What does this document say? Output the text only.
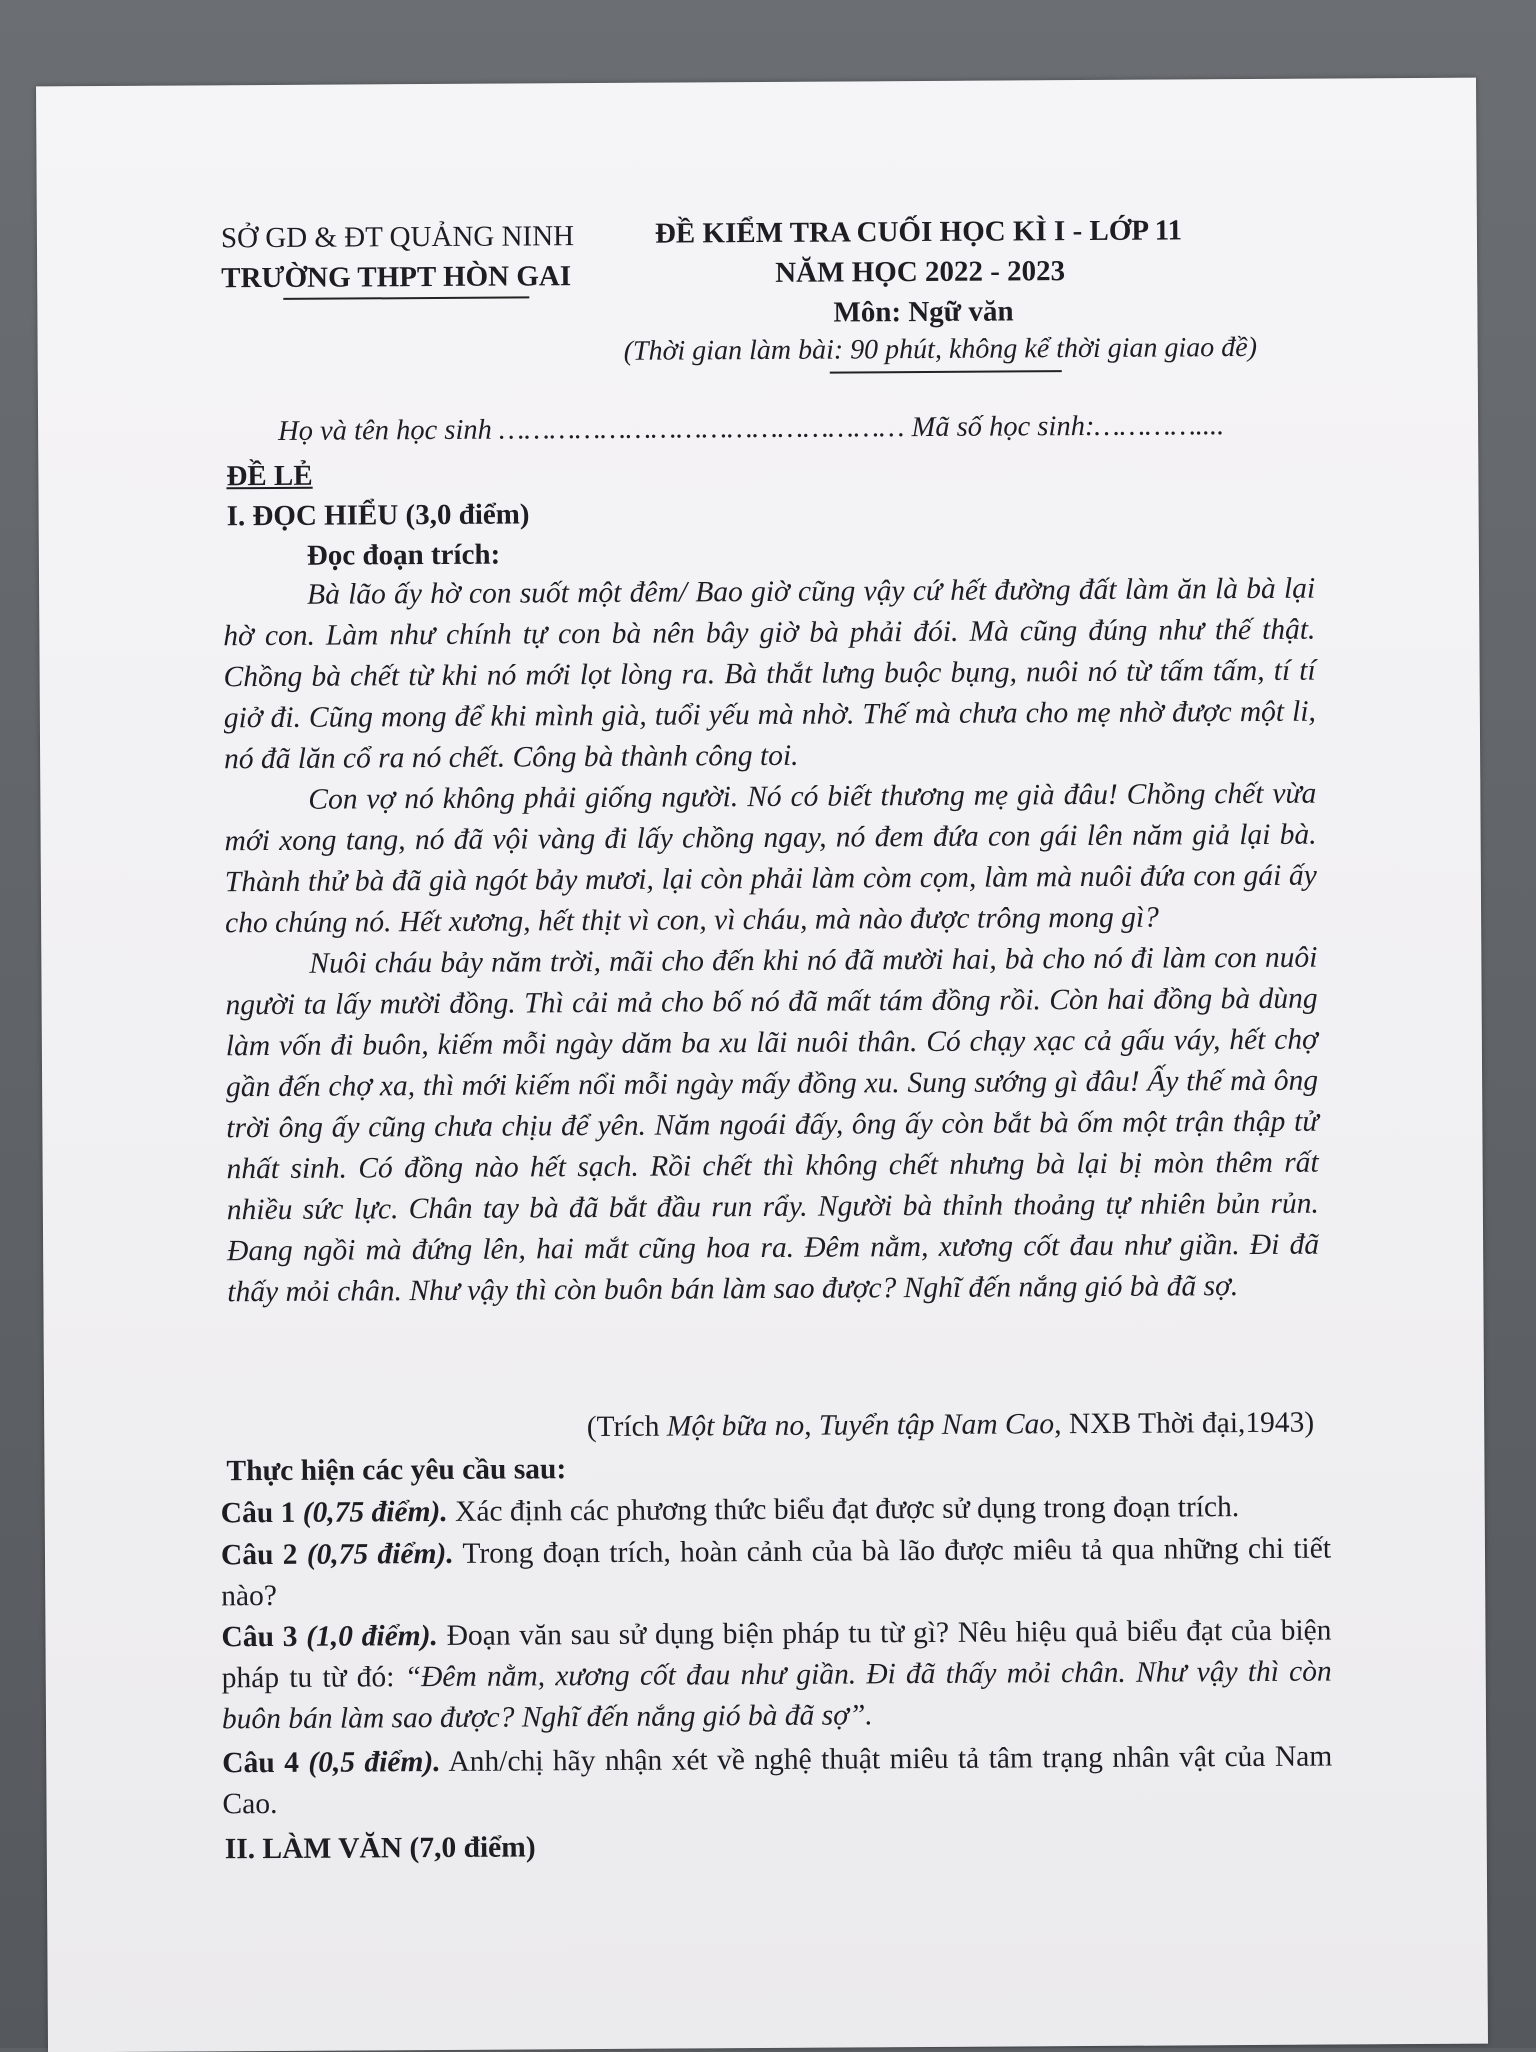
SỞ GD & ĐT QUẢNG NINH
TRƯỜNG THPT HÒN GAI
ĐỀ KIỂM TRA CUỐI HỌC KÌ I - LỚP 11
NĂM HỌC 2022 - 2023
Môn: Ngữ văn
(Thời gian làm bài: 90 phút, không kể thời gian giao đề)
Họ và tên học sinh ………………………………………… Mã số học sinh:…………....
ĐỀ LẺ
I. ĐỌC HIỂU (3,0 điểm)
Đọc đoạn trích:

Bà lão ấy hờ con suốt một đêm/ Bao giờ cũng vậy cứ hết đường đất làm ăn là bà lại hờ con. Làm như chính tự con bà nên bây giờ bà phải đói. Mà cũng đúng như thế thật. Chồng bà chết từ khi nó mới lọt lòng ra. Bà thắt lưng buộc bụng, nuôi nó từ tấm tấm, tí tí giở đi. Cũng mong để khi mình già, tuổi yếu mà nhờ. Thế mà chưa cho mẹ nhờ được một li, nó đã lăn cổ ra nó chết. Công bà thành công toi.

Con vợ nó không phải giống người. Nó có biết thương mẹ già đâu! Chồng chết vừa mới xong tang, nó đã vội vàng đi lấy chồng ngay, nó đem đứa con gái lên năm giả lại bà. Thành thử bà đã già ngót bảy mươi, lại còn phải làm còm cọm, làm mà nuôi đứa con gái ấy cho chúng nó. Hết xương, hết thịt vì con, vì cháu, mà nào được trông mong gì?

Nuôi cháu bảy năm trời, mãi cho đến khi nó đã mười hai, bà cho nó đi làm con nuôi người ta lấy mười đồng. Thì cải mả cho bố nó đã mất tám đồng rồi. Còn hai đồng bà dùng làm vốn đi buôn, kiếm mỗi ngày dăm ba xu lãi nuôi thân. Có chạy xạc cả gấu váy, hết chợ gần đến chợ xa, thì mới kiếm nổi mỗi ngày mấy đồng xu. Sung sướng gì đâu! Ấy thế mà ông trời ông ấy cũng chưa chịu để yên. Năm ngoái đấy, ông ấy còn bắt bà ốm một trận thập tử nhất sinh. Có đồng nào hết sạch. Rồi chết thì không chết nhưng bà lại bị mòn thêm rất nhiều sức lực. Chân tay bà đã bắt đầu run rẩy. Người bà thỉnh thoảng tự nhiên bủn rủn. Đang ngồi mà đứng lên, hai mắt cũng hoa ra. Đêm nằm, xương cốt đau như giần. Đi đã thấy mỏi chân. Như vậy thì còn buôn bán làm sao được? Nghĩ đến nắng gió bà đã sợ.

(Trích Một bữa no, Tuyển tập Nam Cao, NXB Thời đại,1943)
Thực hiện các yêu cầu sau:
Câu 1 (0,75 điểm). Xác định các phương thức biểu đạt được sử dụng trong đoạn trích.
Câu 2 (0,75 điểm). Trong đoạn trích, hoàn cảnh của bà lão được miêu tả qua những chi tiết nào?
Câu 3 (1,0 điểm). Đoạn văn sau sử dụng biện pháp tu từ gì? Nêu hiệu quả biểu đạt của biện pháp tu từ đó: “Đêm nằm, xương cốt đau như giần. Đi đã thấy mỏi chân. Như vậy thì còn buôn bán làm sao được? Nghĩ đến nắng gió bà đã sợ”.
Câu 4 (0,5 điểm). Anh/chị hãy nhận xét về nghệ thuật miêu tả tâm trạng nhân vật của Nam Cao.
II. LÀM VĂN (7,0 điểm)
